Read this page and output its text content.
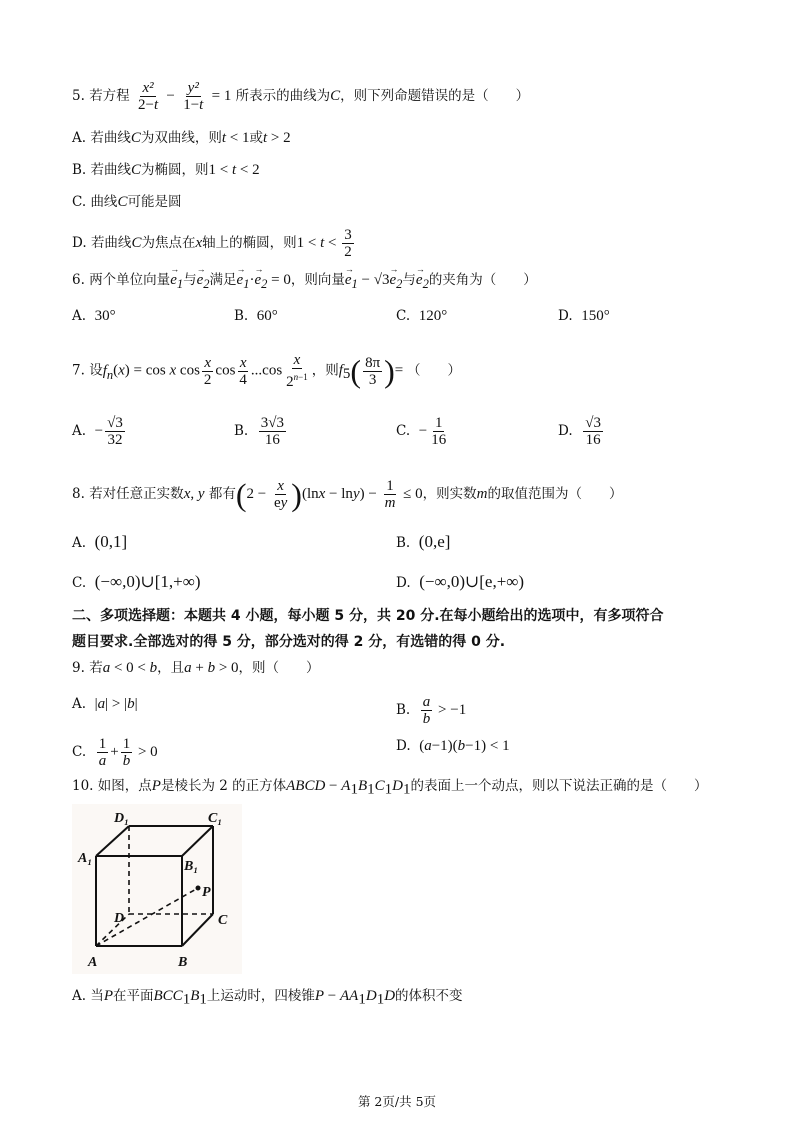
5. 若方程 $\frac{\text{x²}}{2-t} - \frac{\text{y²}}{1-t} = 1$ 所表示的曲线为C，则下列命题错误的是（　　）
A. 若曲线C为双曲线，则t < 1或t > 2
B. 若曲线C为椭圆，则1 < t < 2
C. 曲线C可能是圆
D. 若曲线C为焦点在x轴上的椭圆，则$1 < t < \frac{3}{2}$
6. 两个单位向量→ $e_1$与→ $e_2$满足→ $e_1\cdot\to e_2 = 0$，则向量→ $e_1 - √3\to e_2$与→ $e_2$的夹角为（　　）
A.  30°	B.  60°	C.  120°	D.  150°
7. 设$f_n(x) = \cos x$ $\cos \frac{x}{2}$ $\cos \frac{x}{4} ...\cos \frac{x}{2^{n-1}}$ ，则$f_5( \frac{8\pi}{3}$ )= （　　）
A.  − $\frac{√3}{32}$	B. $\frac{3√3}{16}$	C.  − $\frac{1}{16}$	D. $\frac{√3}{16}$
8. 若对任意正实数x, y 都有$(2 - \frac{x}{ey} )(\ln x - \ln y) - \frac{1}{m} \le 0$，则实数m的取值范围为（　　）
A.  (0,1]	B.  (0,e]
C.  (−∞,0)∪[1,+∞)	D.  (−∞,0)∪[e,+∞)
二、多项选择题：本题共 4 小题，每小题 5 分，共 20 分.在每小题给出的选项中，有多项符合
题目要求.全部选对的得 5 分，部分选对的得 2 分，有选错的得 0 分.
9. 若a < 0 < b，且a + b > 0，则（　　）
A.  |a| > |b|	B. $\frac{a}{b} > -1$
C. $\frac{1}{a} + \frac{1}{b} > 0$	D.  (a−1)(b−1) < 1
10. 如图，点P是棱长为 2 的正方体ABCD − $A_1B_1C_1D_1$的表面上一个动点，则以下说法正确的是（　　）
D₁	C₁
A₁
B₁
P
D	C
A	B
A. 当P在平面$BCC_1B_1$上运动时，四棱锥$P - AA_1D_1D$的体积不变
第 2页/共 5页
